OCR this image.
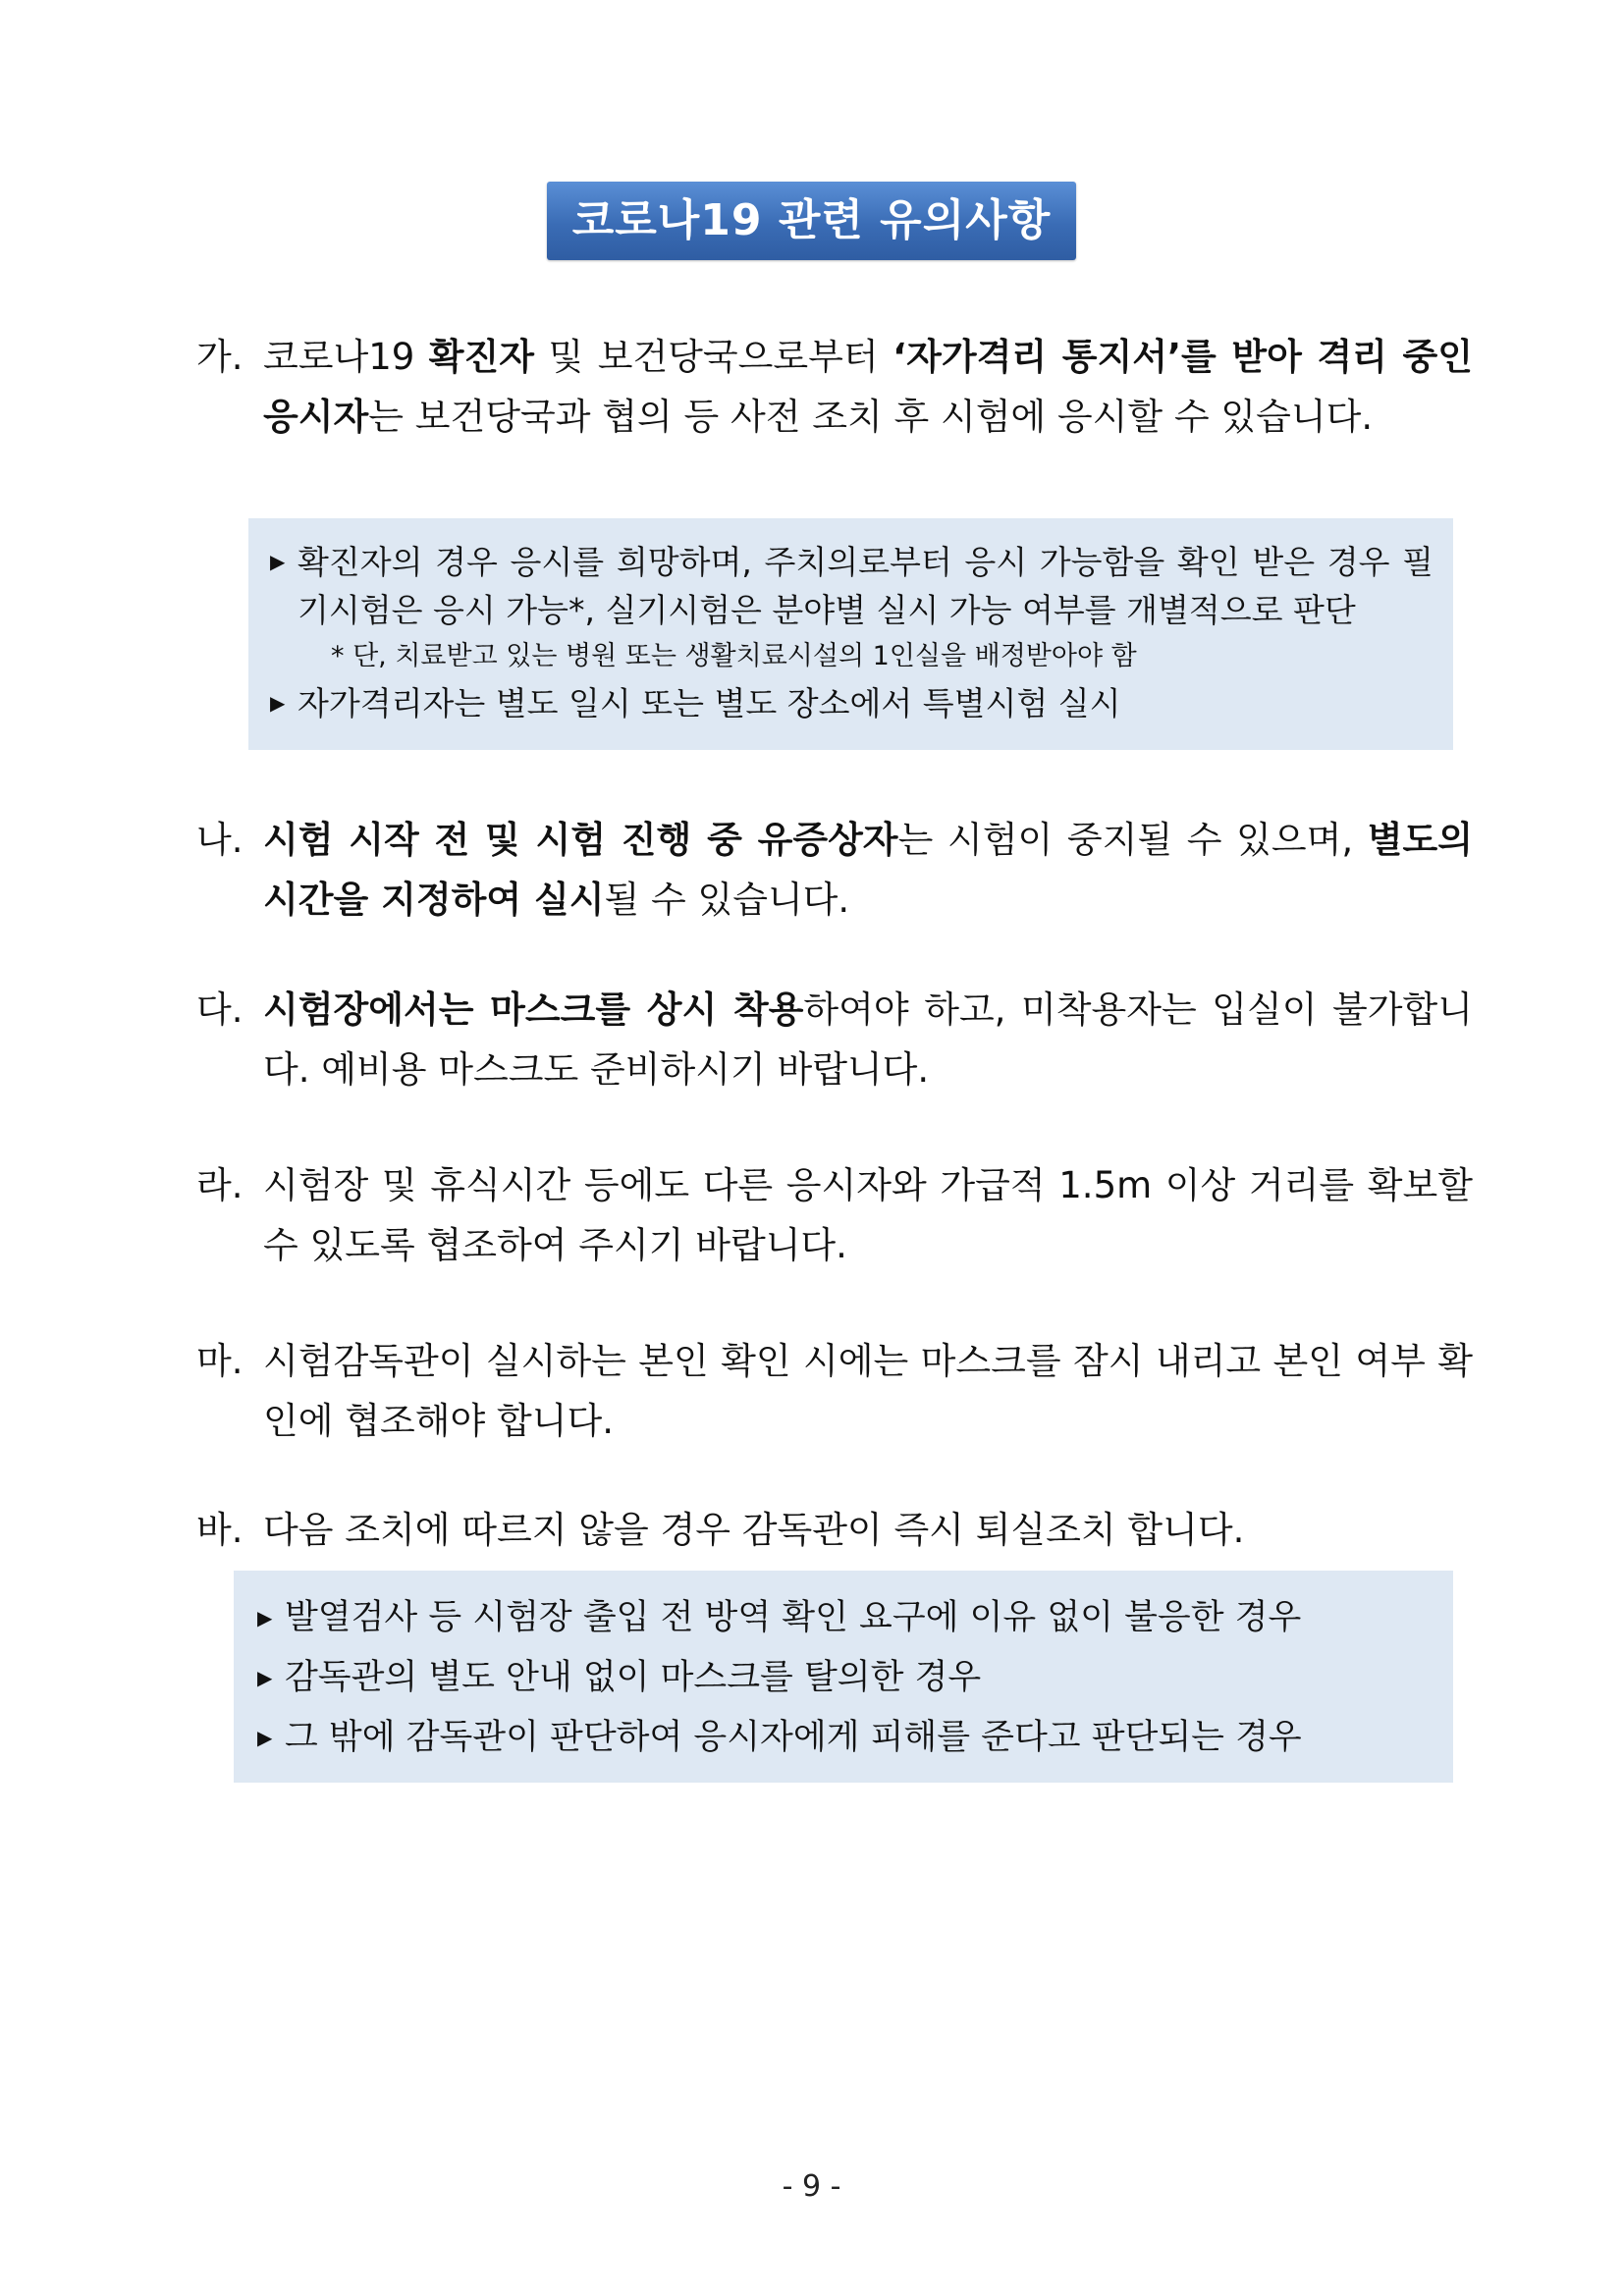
코로나19 관련 유의사항
가. 코로나19 확진자 및 보건당국으로부터 ‘자가격리 통지서’를 받아 격리 중인 응시자는 보건당국과 협의 등 사전 조치 후 시험에 응시할 수 있습니다.
▶ 확진자의 경우 응시를 희망하며, 주치의로부터 응시 가능함을 확인 받은 경우 필기시험은 응시 가능*, 실기시험은 분야별 실시 가능 여부를 개별적으로 판단
* 단, 치료받고 있는 병원 또는 생활치료시설의 1인실을 배정받아야 함
▶ 자가격리자는 별도 일시 또는 별도 장소에서 특별시험 실시
나. 시험 시작 전 및 시험 진행 중 유증상자는 시험이 중지될 수 있으며, 별도의 시간을 지정하여 실시될 수 있습니다.
다. 시험장에서는 마스크를 상시 착용하여야 하고, 미착용자는 입실이 불가합니다. 예비용 마스크도 준비하시기 바랍니다.
라. 시험장 및 휴식시간 등에도 다른 응시자와 가급적 1.5m 이상 거리를 확보할 수 있도록 협조하여 주시기 바랍니다.
마. 시험감독관이 실시하는 본인 확인 시에는 마스크를 잠시 내리고 본인 여부 확인에 협조해야 합니다.
바. 다음 조치에 따르지 않을 경우 감독관이 즉시 퇴실조치 합니다.
▶ 발열검사 등 시험장 출입 전 방역 확인 요구에 이유 없이 불응한 경우
▶ 감독관의 별도 안내 없이 마스크를 탈의한 경우
▶ 그 밖에 감독관이 판단하여 응시자에게 피해를 준다고 판단되는 경우
- 9 -
